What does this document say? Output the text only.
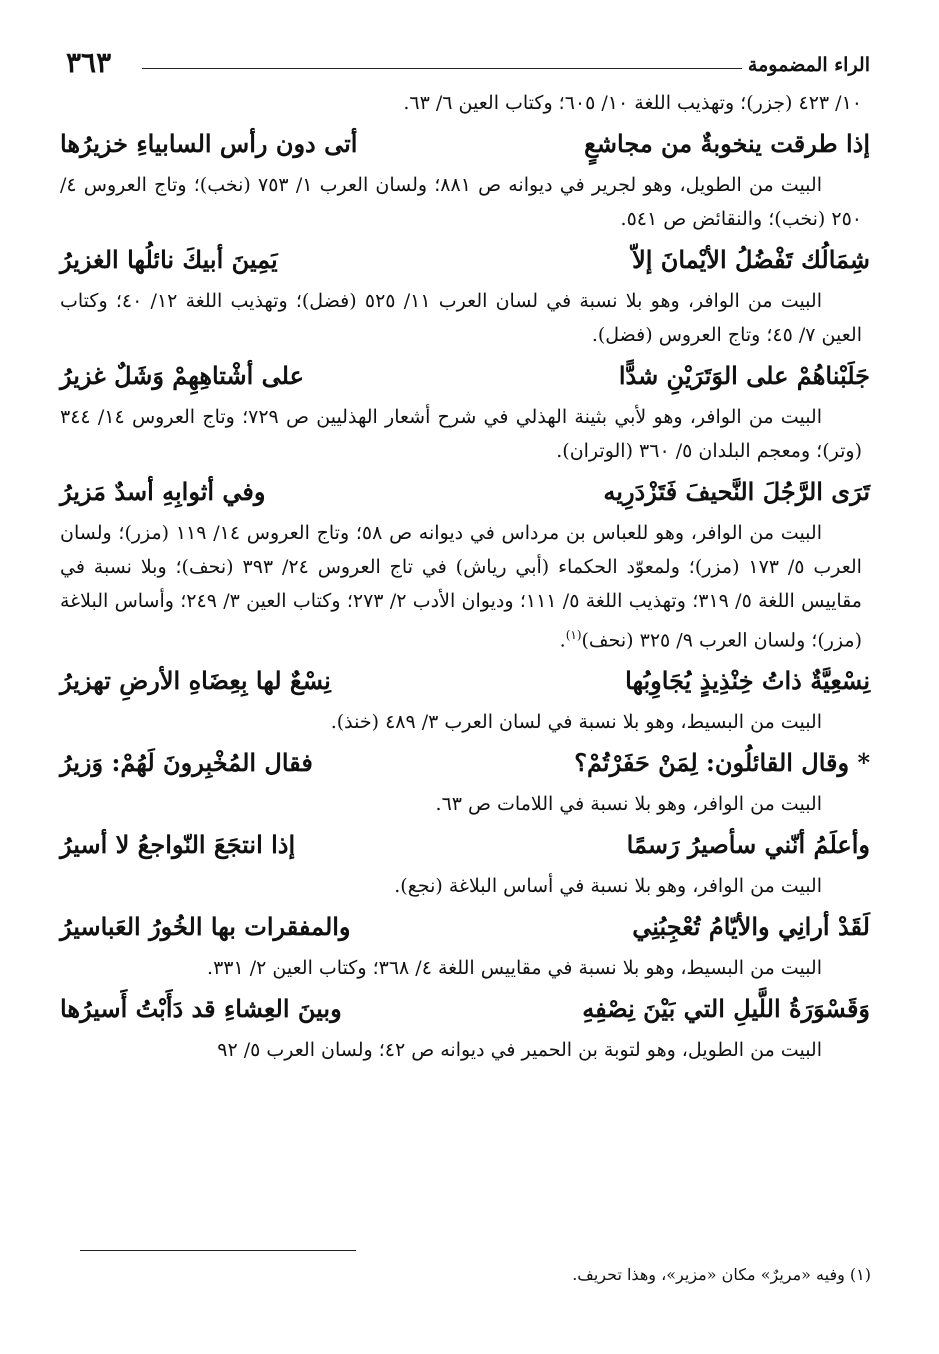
الراء المضمومة
٣٦٣

١٠/ ٤٢٣ (جزر)؛ وتهذيب اللغة ١٠/ ٦٠٥؛ وكتاب العين ٦/ ٦٣.

إذا طرقت ينخوبةٌ من مجاشعٍ
أتى دون رأس السابياءِ خزيرُها

البيت من الطويل، وهو لجرير في ديوانه ص ٨٨١؛ ولسان العرب ١/ ٧٥٣ (نخب)؛ وتاج العروس ٤/ ٢٥٠ (نخب)؛ والنقائض ص ٥٤١.

شِمَالُك تَفْضُلُ الأيْمانَ إلاّ
يَمِينَ أبيكَ نائلُها الغزيرُ

البيت من الوافر، وهو بلا نسبة في لسان العرب ١١/ ٥٢٥ (فضل)؛ وتهذيب اللغة ١٢/ ٤٠؛ وكتاب العين ٧/ ٤٥؛ وتاج العروس (فضل).

جَلَبْناهُمْ على الوَتَرَيْنِ شدًّا
على أشْتاهِهِمْ وَشَلٌ غزيرُ

البيت من الوافر، وهو لأبي بثينة الهذلي في شرح أشعار الهذليين ص ٧٢٩؛ وتاج العروس ١٤/ ٣٤٤ (وتر)؛ ومعجم البلدان ٥/ ٣٦٠ (الوتران).

تَرَى الرَّجُلَ النَّحيفَ فَتَزْدَرِيه
وفي أثوابِهِ أسدٌ مَزيرُ

البيت من الوافر، وهو للعباس بن مرداس في ديوانه ص ٥٨؛ وتاج العروس ١٤/ ١١٩ (مزر)؛ ولسان العرب ٥/ ١٧٣ (مزر)؛ ولمعوّد الحكماء (أبي رياش) في تاج العروس ٢٤/ ٣٩٣ (نحف)؛ وبلا نسبة في مقاييس اللغة ٥/ ٣١٩؛ وتهذيب اللغة ٥/ ١١١؛ وديوان الأدب ٢/ ٢٧٣؛ وكتاب العين ٣/ ٢٤٩؛ وأساس البلاغة (مزر)؛ ولسان العرب ٩/ ٣٢٥ (نحف)$^{(١)}$.

نِسْعِيَّةٌ ذاتُ خِنْذِيذٍ يُجَاوِبُها
نِسْعٌ لها بِعِضَاهِ الأرضِ تهزيرُ

البيت من البسيط، وهو بلا نسبة في لسان العرب ٣/ ٤٨٩ (خنذ).

* وقال القائلُون: لِمَنْ حَفَرْتُمْ؟
فقال المُخْبِرونَ لَهُمْ: وَزيرُ

البيت من الوافر، وهو بلا نسبة في اللامات ص ٦٣.

وأعلَمُ أنّني سأصيرُ رَسمًا
إذا انتجَعَ النّواجعُ لا أسيرُ

البيت من الوافر، وهو بلا نسبة في أساس البلاغة (نجع).

لَقَدْ أرانِي والأيّامُ تُعْجِبُنِي
والمفقرات بها الخُورُ العَباسيرُ

البيت من البسيط، وهو بلا نسبة في مقاييس اللغة ٤/ ٣٦٨؛ وكتاب العين ٢/ ٣٣١.

وَقَسْوَرَةُ اللَّيلِ التي بَيْنَ نِصْفِهِ
وبينَ العِشاءِ قد دَأَبْتُ أَسيرُها

البيت من الطويل، وهو لتوبة بن الحمير في ديوانه ص ٤٢؛ ولسان العرب ٥/ ٩٢

(١) وفيه «مريرٌ» مكان «مزير»، وهذا تحريف.
